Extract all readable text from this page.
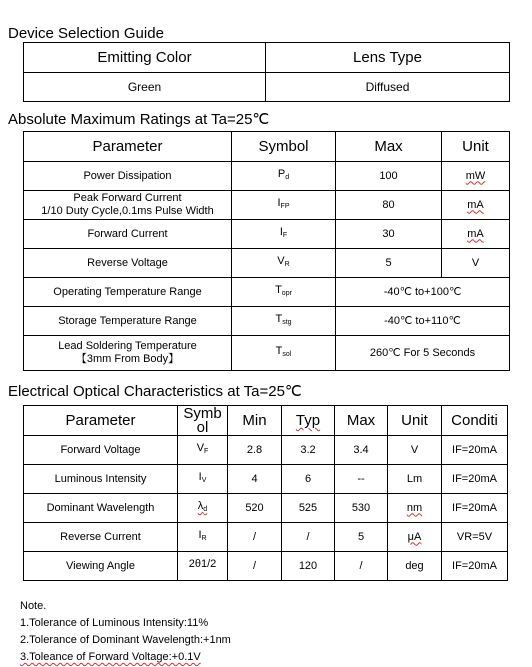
Device Selection Guide
Emitting Color	Lens Type
Green	Diffused
Absolute Maximum Ratings at Ta=25℃
Parameter	Symbol	Max	Unit
Power Dissipation	$P_d$	100	mW

Peak Forward Current
1/10 Duty Cycle,0.1ms Pulse Width	$I_{FP}$	80	mA
Forward Current	$I_F$	30	mA
Reverse Voltage	$V_R$	5	V
Operating Temperature Range	$T_{opr}$	-40℃ to+100℃	
Storage Temperature Range	$T_{stg}$	-40℃ to+110℃	

Lead Soldering Temperature
【3mm From Body】	$T_{sol}$	260℃ For 5 Seconds	
Electrical Optical Characteristics at Ta=25℃
Parameter	Symb ol	Min	Typ	Max	Unit	Conditi
Forward Voltage	$V_F$	2.8	3.2	3.4	V	IF=20mA
Luminous Intensity	$I_V$	4	6	--	Lm	IF=20mA
Dominant Wavelength	$\lambda_d$	520	525	530	nm	IF=20mA
Reverse Current	$I_R$	/	/	5	μA	VR=5V
Viewing Angle	2θ1/2	/	120	/	deg	IF=20mA
Note.
1.Tolerance of Luminous Intensity:11%
2.Tolerance of Dominant Wavelength:+1nm
3.Toleance of Forward Voltage:+0.1V
